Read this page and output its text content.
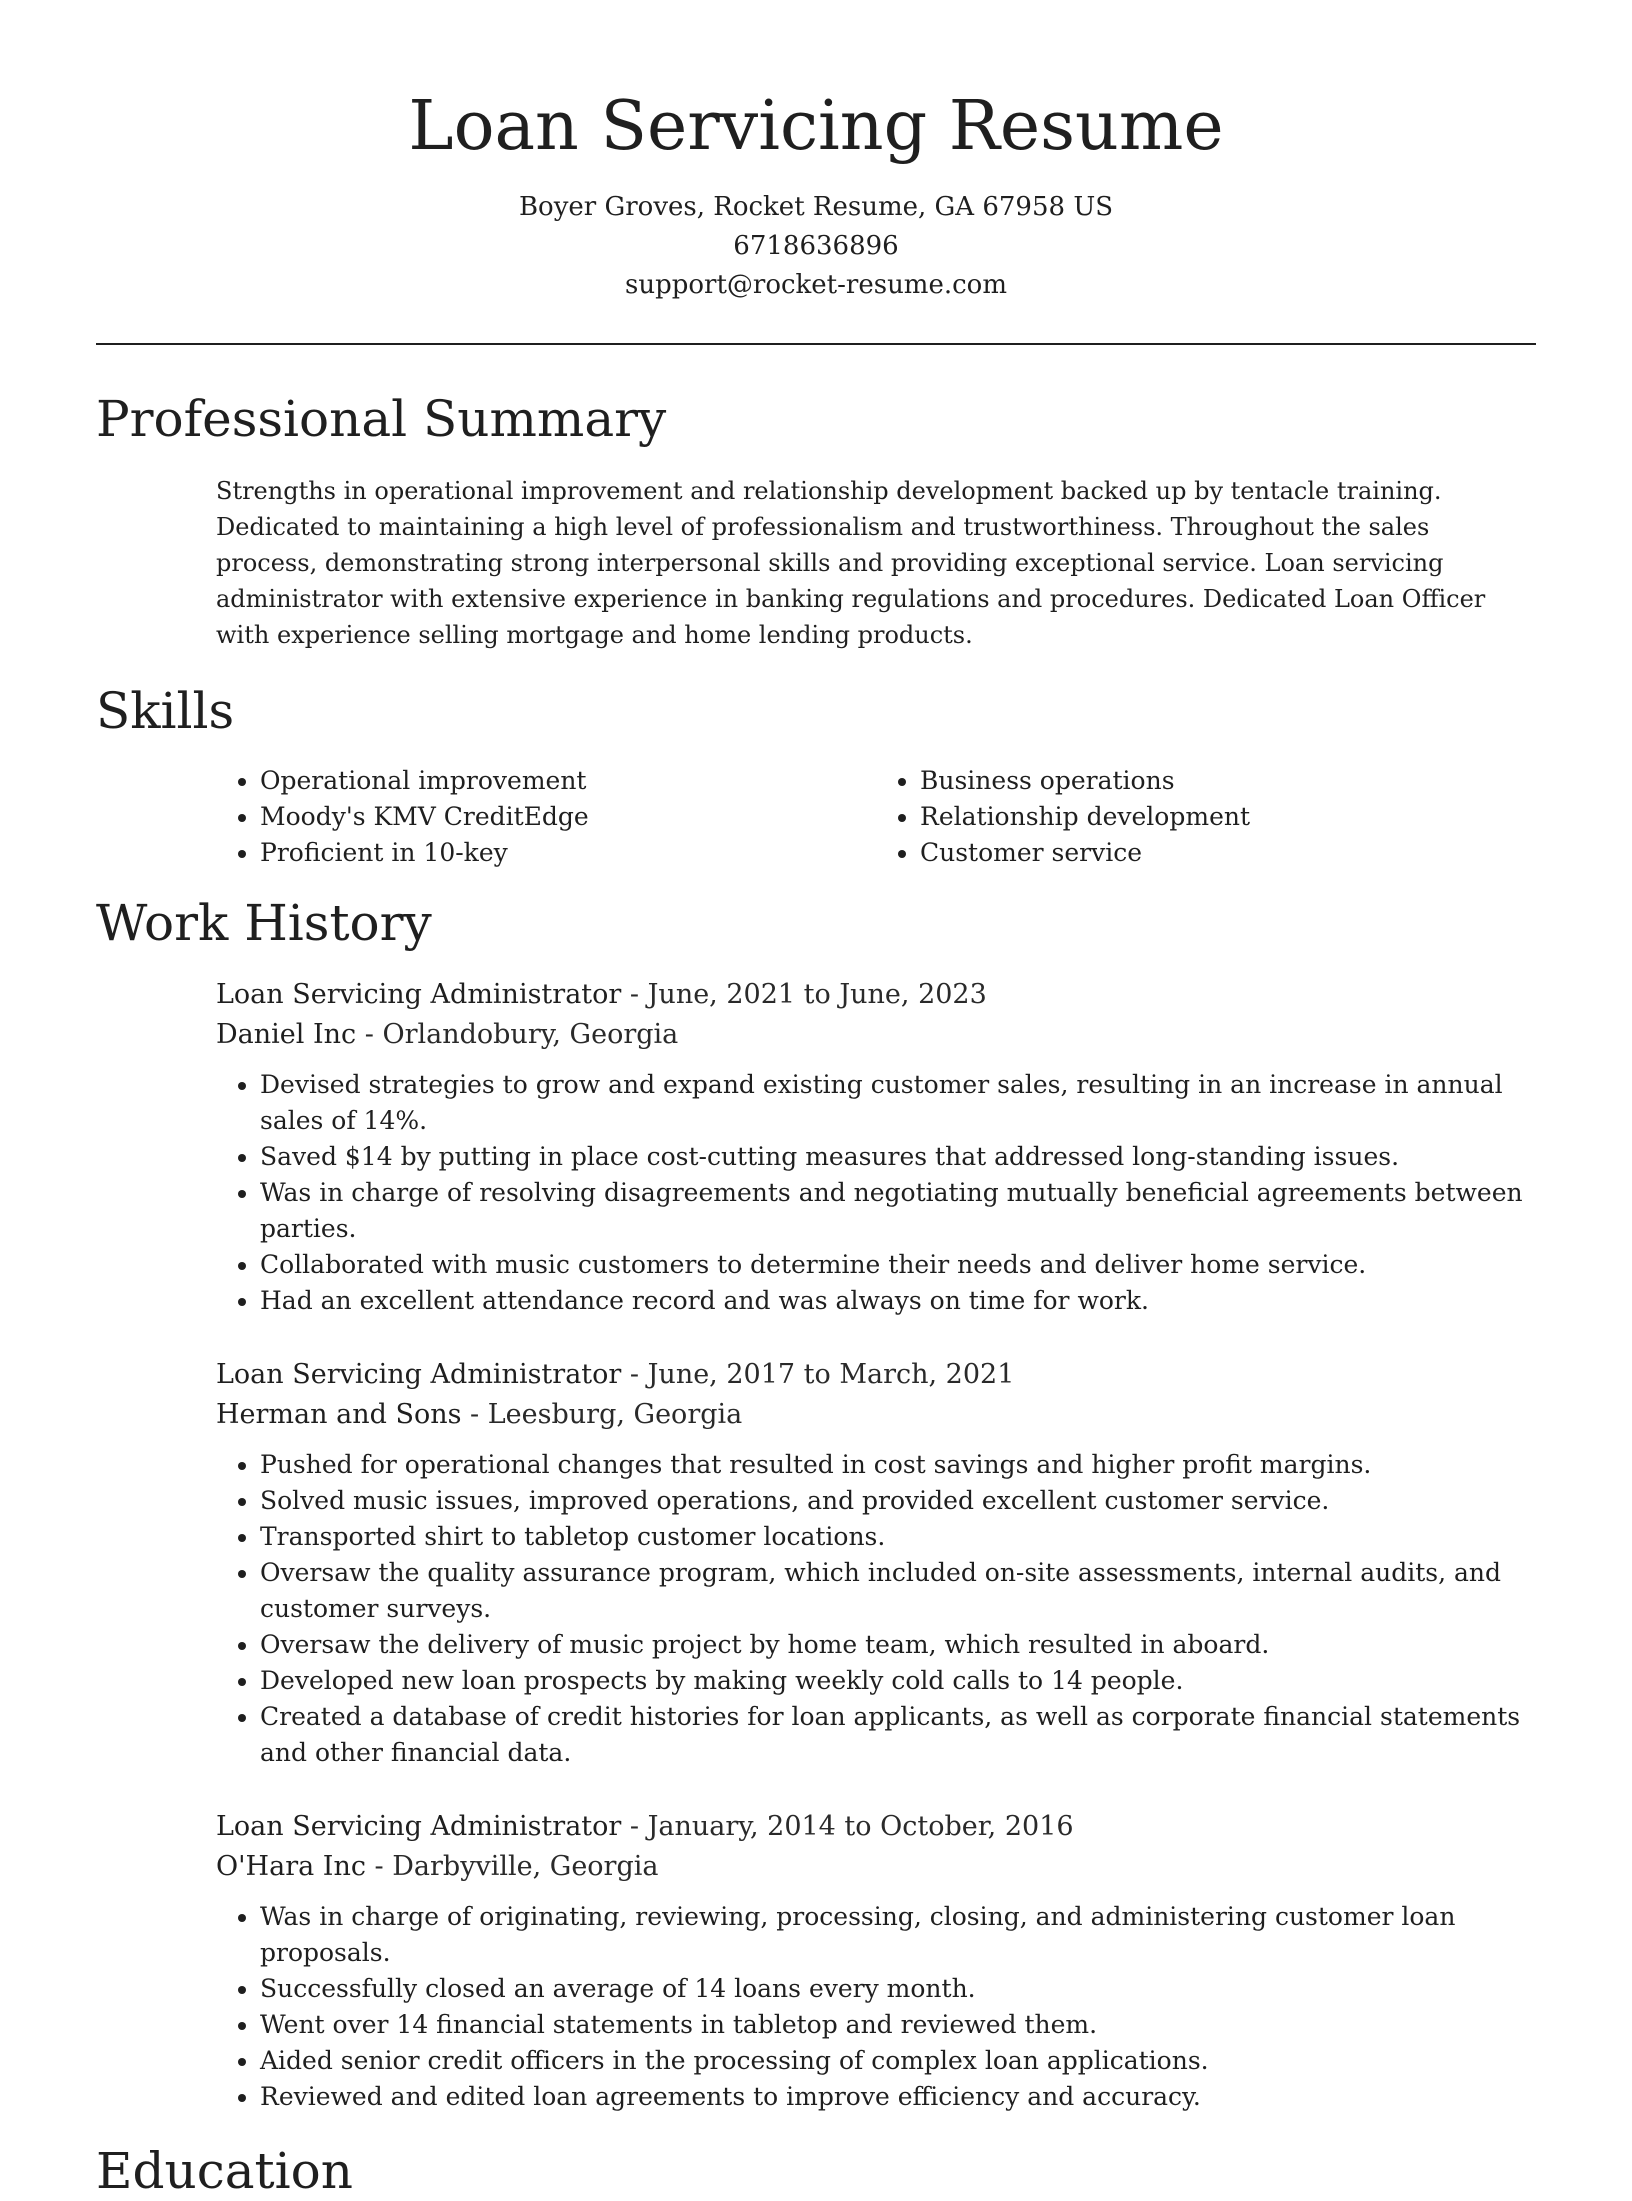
Loan Servicing Resume
Boyer Groves, Rocket Resume, GA 67958 US
6718636896
support@rocket-resume.com
Professional Summary

Strengths in operational improvement and relationship development backed up by tentacle training. Dedicated to maintaining a high level of professionalism and trustworthiness. Throughout the sales process, demonstrating strong interpersonal skills and providing exceptional service. Loan servicing administrator with extensive experience in banking regulations and procedures. Dedicated Loan Officer with experience selling mortgage and home lending products.

Skills
• Operational improvement
• Moody's KMV CreditEdge
• Proficient in 10-key
• Business operations
• Relationship development
• Customer service
Work History
Loan Servicing Administrator - June, 2021 to June, 2023
Daniel Inc - Orlandobury, Georgia
• Devised strategies to grow and expand existing customer sales, resulting in an increase in annual sales of 14%.
• Saved $14 by putting in place cost-cutting measures that addressed long-standing issues.
• Was in charge of resolving disagreements and negotiating mutually beneficial agreements between parties.
• Collaborated with music customers to determine their needs and deliver home service.
• Had an excellent attendance record and was always on time for work.
Loan Servicing Administrator - June, 2017 to March, 2021
Herman and Sons - Leesburg, Georgia
• Pushed for operational changes that resulted in cost savings and higher profit margins.
• Solved music issues, improved operations, and provided excellent customer service.
• Transported shirt to tabletop customer locations.
• Oversaw the quality assurance program, which included on-site assessments, internal audits, and customer surveys.
• Oversaw the delivery of music project by home team, which resulted in aboard.
• Developed new loan prospects by making weekly cold calls to 14 people.
• Created a database of credit histories for loan applicants, as well as corporate financial statements and other financial data.
Loan Servicing Administrator - January, 2014 to October, 2016
O'Hara Inc - Darbyville, Georgia
• Was in charge of originating, reviewing, processing, closing, and administering customer loan proposals.
• Successfully closed an average of 14 loans every month.
• Went over 14 financial statements in tabletop and reviewed them.
• Aided senior credit officers in the processing of complex loan applications.
• Reviewed and edited loan agreements to improve efficiency and accuracy.
Education
